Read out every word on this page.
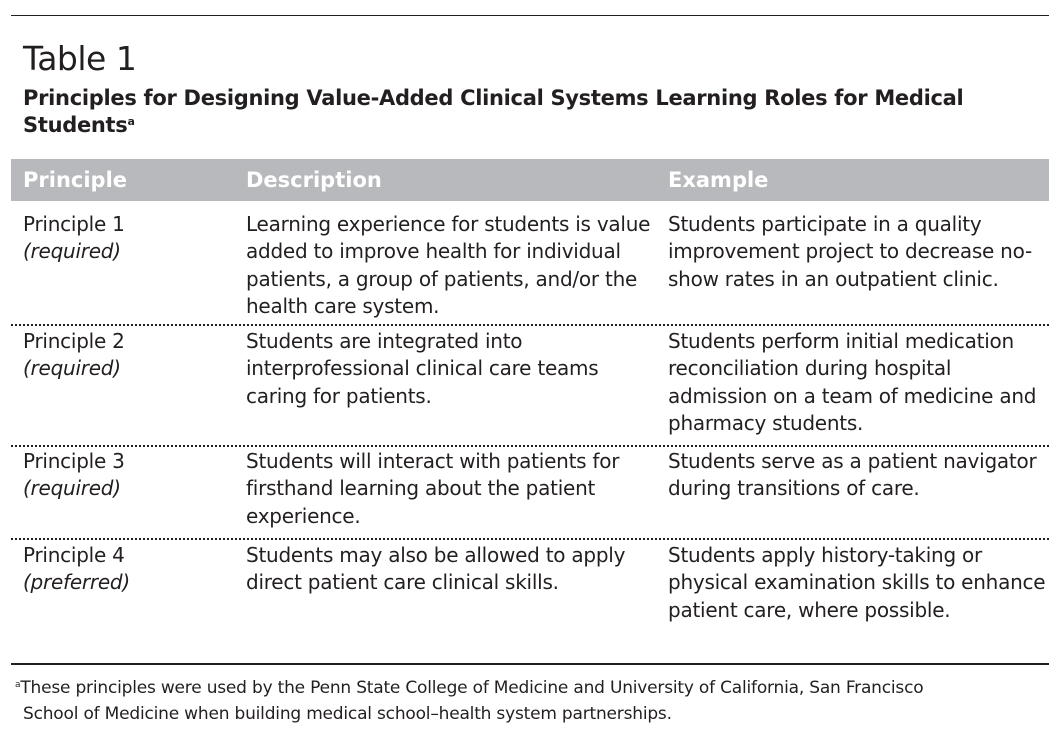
Table 1
Principles for Designing Value-Added Clinical Systems Learning Roles for Medical Students$^a$
Principle	Description	Example
Principle 1
(required)
Learning experience for students is value added to improve health for individual patients, a group of patients, and/or the health care system.
Students participate in a quality improvement project to decrease no-show rates in an outpatient clinic.
Principle 2
(required)
Students are integrated into interprofessional clinical care teams caring for patients.
Students perform initial medication reconciliation during hospital admission on a team of medicine and pharmacy students.
Principle 3
(required)
Students will interact with patients for firsthand learning about the patient experience.
Students serve as a patient navigator during transitions of care.
Principle 4
(preferred)
Students may also be allowed to apply direct patient care clinical skills.
Students apply history-taking or physical examination skills to enhance patient care, where possible.
$^a$These principles were used by the Penn State College of Medicine and University of California, San Francisco
School of Medicine when building medical school–health system partnerships.
